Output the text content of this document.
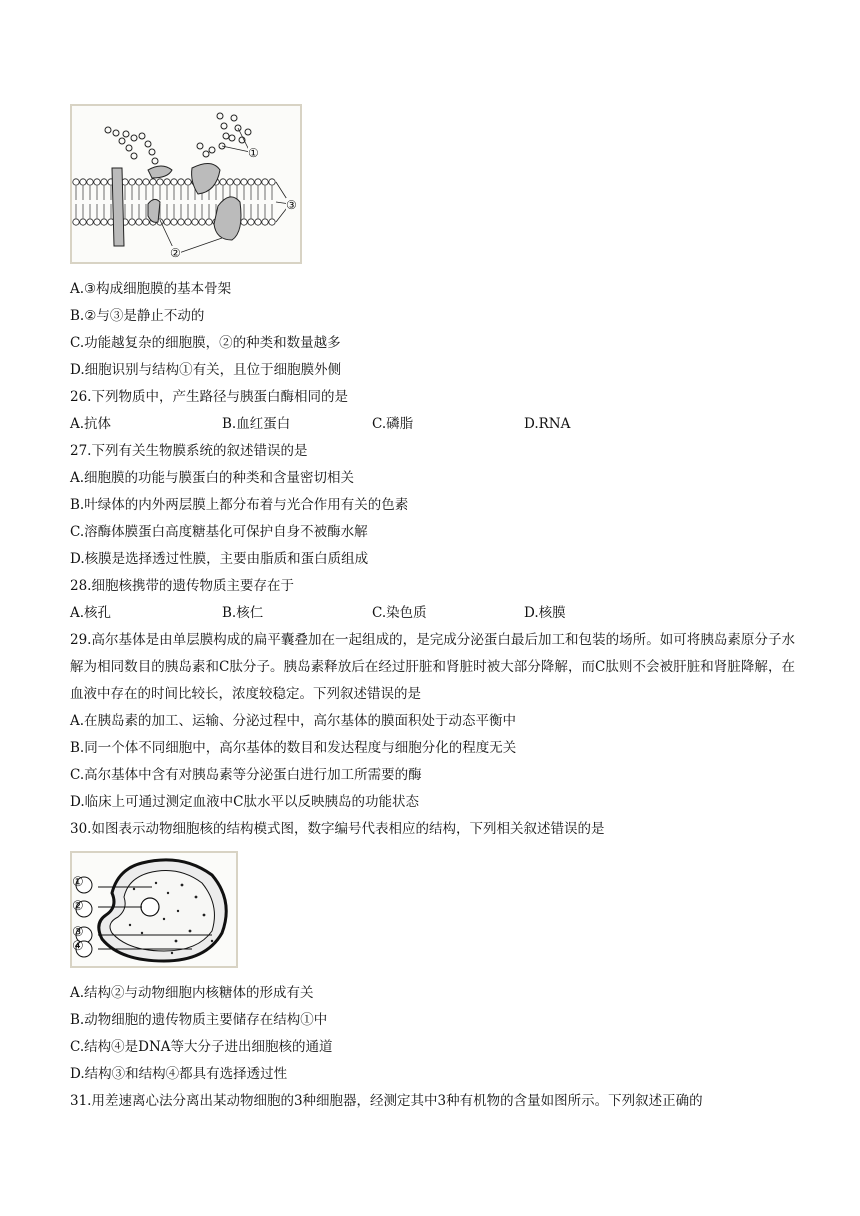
①
③
②
A.③构成细胞膜的基本骨架
B.②与③是静止不动的
C.功能越复杂的细胞膜，②的种类和数量越多
D.细胞识别与结构①有关，且位于细胞膜外侧
26.下列物质中，产生路径与胰蛋白酶相同的是
A.抗体	B.血红蛋白	C.磷脂	D.RNA
27.下列有关生物膜系统的叙述错误的是
A.细胞膜的功能与膜蛋白的种类和含量密切相关
B.叶绿体的内外两层膜上都分布着与光合作用有关的色素
C.溶酶体膜蛋白高度糖基化可保护自身不被酶水解
D.核膜是选择透过性膜，主要由脂质和蛋白质组成
28.细胞核携带的遗传物质主要存在于
A.核孔	B.核仁	C.染色质	D.核膜
29.高尔基体是由单层膜构成的扁平囊叠加在一起组成的，是完成分泌蛋白最后加工和包装的场所。如可将胰岛素原分子水解为相同数目的胰岛素和C肽分子。胰岛素释放后在经过肝脏和肾脏时被大部分降解，而C肽则不会被肝脏和肾脏降解，在血液中存在的时间比较长，浓度较稳定。下列叙述错误的是
A.在胰岛素的加工、运输、分泌过程中，高尔基体的膜面积处于动态平衡中
B.同一个体不同细胞中，高尔基体的数目和发达程度与细胞分化的程度无关
C.高尔基体中含有对胰岛素等分泌蛋白进行加工所需要的酶
D.临床上可通过测定血液中C肽水平以反映胰岛的功能状态
30.如图表示动物细胞核的结构模式图，数字编号代表相应的结构，下列相关叙述错误的是
①
②
③
④
A.结构②与动物细胞内核糖体的形成有关
B.动物细胞的遗传物质主要储存在结构①中
C.结构④是DNA等大分子进出细胞核的通道
D.结构③和结构④都具有选择透过性
31.用差速离心法分离出某动物细胞的3种细胞器，经测定其中3种有机物的含量如图所示。下列叙述正确的
